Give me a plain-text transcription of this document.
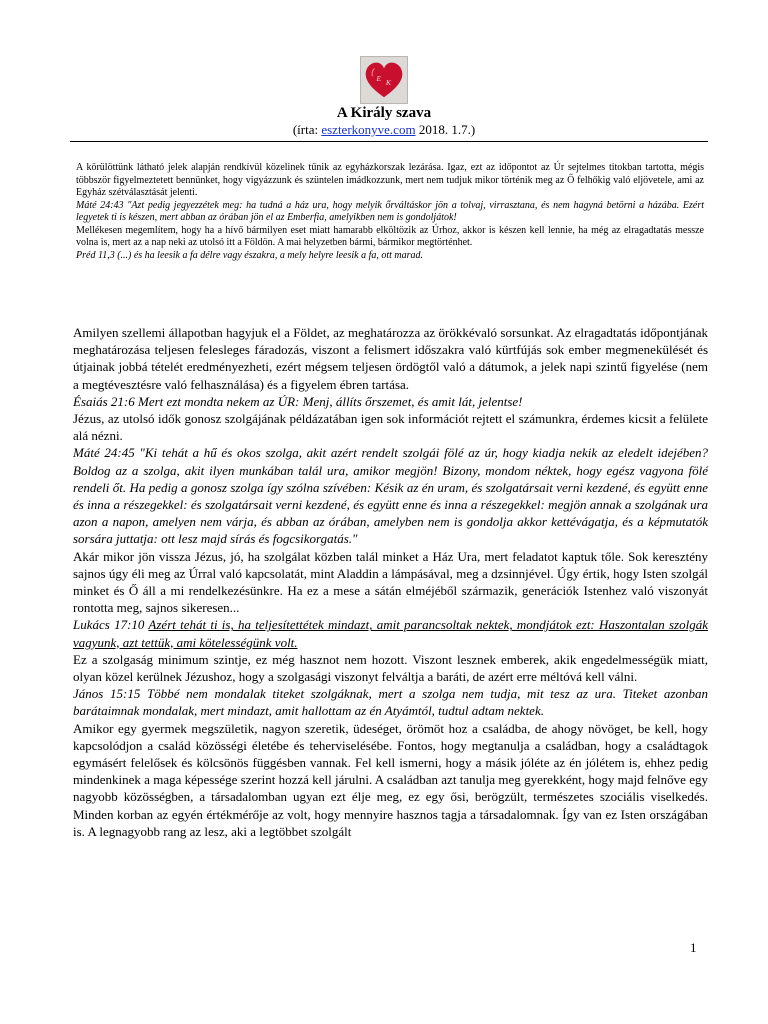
E K
A Király szava
(írta: eszterkonyve.com 2018. 1.7.)

A körülöttünk látható jelek alapján rendkívül közelinek tűnik az egyházkorszak lezárása. Igaz, ezt az időpontot az Úr sejtelmes titokban tartotta, mégis többször figyelmeztetett bennünket, hogy vigyázzunk és szüntelen imádkozzunk, mert nem tudjuk mikor történik meg az Ő felhőkig való eljövetele, ami az Egyház szétválasztását jelenti.

Máté 24:43 "Azt pedig jegyezzétek meg: ha tudná a ház ura, hogy melyik őrváltáskor jön a tolvaj, virrasztana, és nem hagyná betörni a házába. Ezért legyetek ti is készen, mert abban az órában jön el az Emberfia, amelyikben nem is gondoljátok!

Mellékesen megemlítem, hogy ha a hívő bármilyen eset miatt hamarabb elköltözik az Úrhoz, akkor is készen kell lennie, ha még az elragadtatás messze volna is, mert az a nap neki az utolsó itt a Földön. A mai helyzetben bármi, bármikor megtörténhet.

Préd 11,3 (...) és ha leesik a fa délre vagy északra, a mely helyre leesik a fa, ott marad.

Amilyen szellemi állapotban hagyjuk el a Földet, az meghatározza az örökkévaló sorsunkat. Az elragadtatás időpontjának meghatározása teljesen felesleges fáradozás, viszont a felismert időszakra való kürtfújás sok ember megmenekülését és útjainak jobbá tételét eredményezheti, ezért mégsem teljesen ördögtől való a dátumok, a jelek napi szintű figyelése (nem a megtévesztésre való felhasználása) és a figyelem ébren tartása.

Ésaiás 21:6 Mert ezt mondta nekem az ÚR: Menj, állíts őrszemet, és amit lát, jelentse!

Jézus, az utolsó idők gonosz szolgájának példázatában igen sok információt rejtett el számunkra, érdemes kicsit a felülete alá nézni.

Máté 24:45 "Ki tehát a hű és okos szolga, akit azért rendelt szolgái fölé az úr, hogy kiadja nekik az eledelt idejében? Boldog az a szolga, akit ilyen munkában talál ura, amikor megjön! Bizony, mondom néktek, hogy egész vagyona fölé rendeli őt. Ha pedig a gonosz szolga így szólna szívében: Késik az én uram, és szolgatársait verni kezdené, és együtt enne és inna a részegekkel: és szolgatársait verni kezdené, és együtt enne és inna a részegekkel: megjön annak a szolgának ura azon a napon, amelyen nem várja, és abban az órában, amelyben nem is gondolja akkor kettévágatja, és a képmutatók sorsára juttatja: ott lesz majd sírás és fogcsikorgatás."

Akár mikor jön vissza Jézus, jó, ha szolgálat közben talál minket a Ház Ura, mert feladatot kaptuk tőle. Sok keresztény sajnos úgy éli meg az Úrral való kapcsolatát, mint Aladdin a lámpásával, meg a dzsinnjével. Úgy értik, hogy Isten szolgál minket és Ő áll a mi rendelkezésünkre. Ha ez a mese a sátán elméjéből származik, generációk Istenhez való viszonyát rontotta meg, sajnos sikeresen...

Lukács 17:10 Azért tehát ti is, ha teljesítettétek mindazt, amit parancsoltak nektek, mondjátok ezt: Haszontalan szolgák vagyunk, azt tettük, ami kötelességünk volt.

Ez a szolgaság minimum szintje, ez még hasznot nem hozott. Viszont lesznek emberek, akik engedelmességük miatt, olyan közel kerülnek Jézushoz, hogy a szolgasági viszonyt felváltja a baráti, de azért erre méltóvá kell válni.

János 15:15 Többé nem mondalak titeket szolgáknak, mert a szolga nem tudja, mit tesz az ura. Titeket azonban barátaimnak mondalak, mert mindazt, amit hallottam az én Atyámtól, tudtul adtam nektek.

Amikor egy gyermek megszületik, nagyon szeretik, üdeséget, örömöt hoz a családba, de ahogy növöget, be kell, hogy kapcsolódjon a család közösségi életébe és teherviselésébe. Fontos, hogy megtanulja a családban, hogy a családtagok egymásért felelősek és kölcsönös függésben vannak. Fel kell ismerni, hogy a másik jóléte az én jólétem is, ehhez pedig mindenkinek a maga képessége szerint hozzá kell járulni. A családban azt tanulja meg gyerekként, hogy majd felnőve egy nagyobb közösségben, a társadalomban ugyan ezt élje meg, ez egy ősi, berögzült, természetes szociális viselkedés. Minden korban az egyén értékmérője az volt, hogy mennyire hasznos tagja a társadalomnak. Így van ez Isten országában is. A legnagyobb rang az lesz, aki a legtöbbet szolgált

1
